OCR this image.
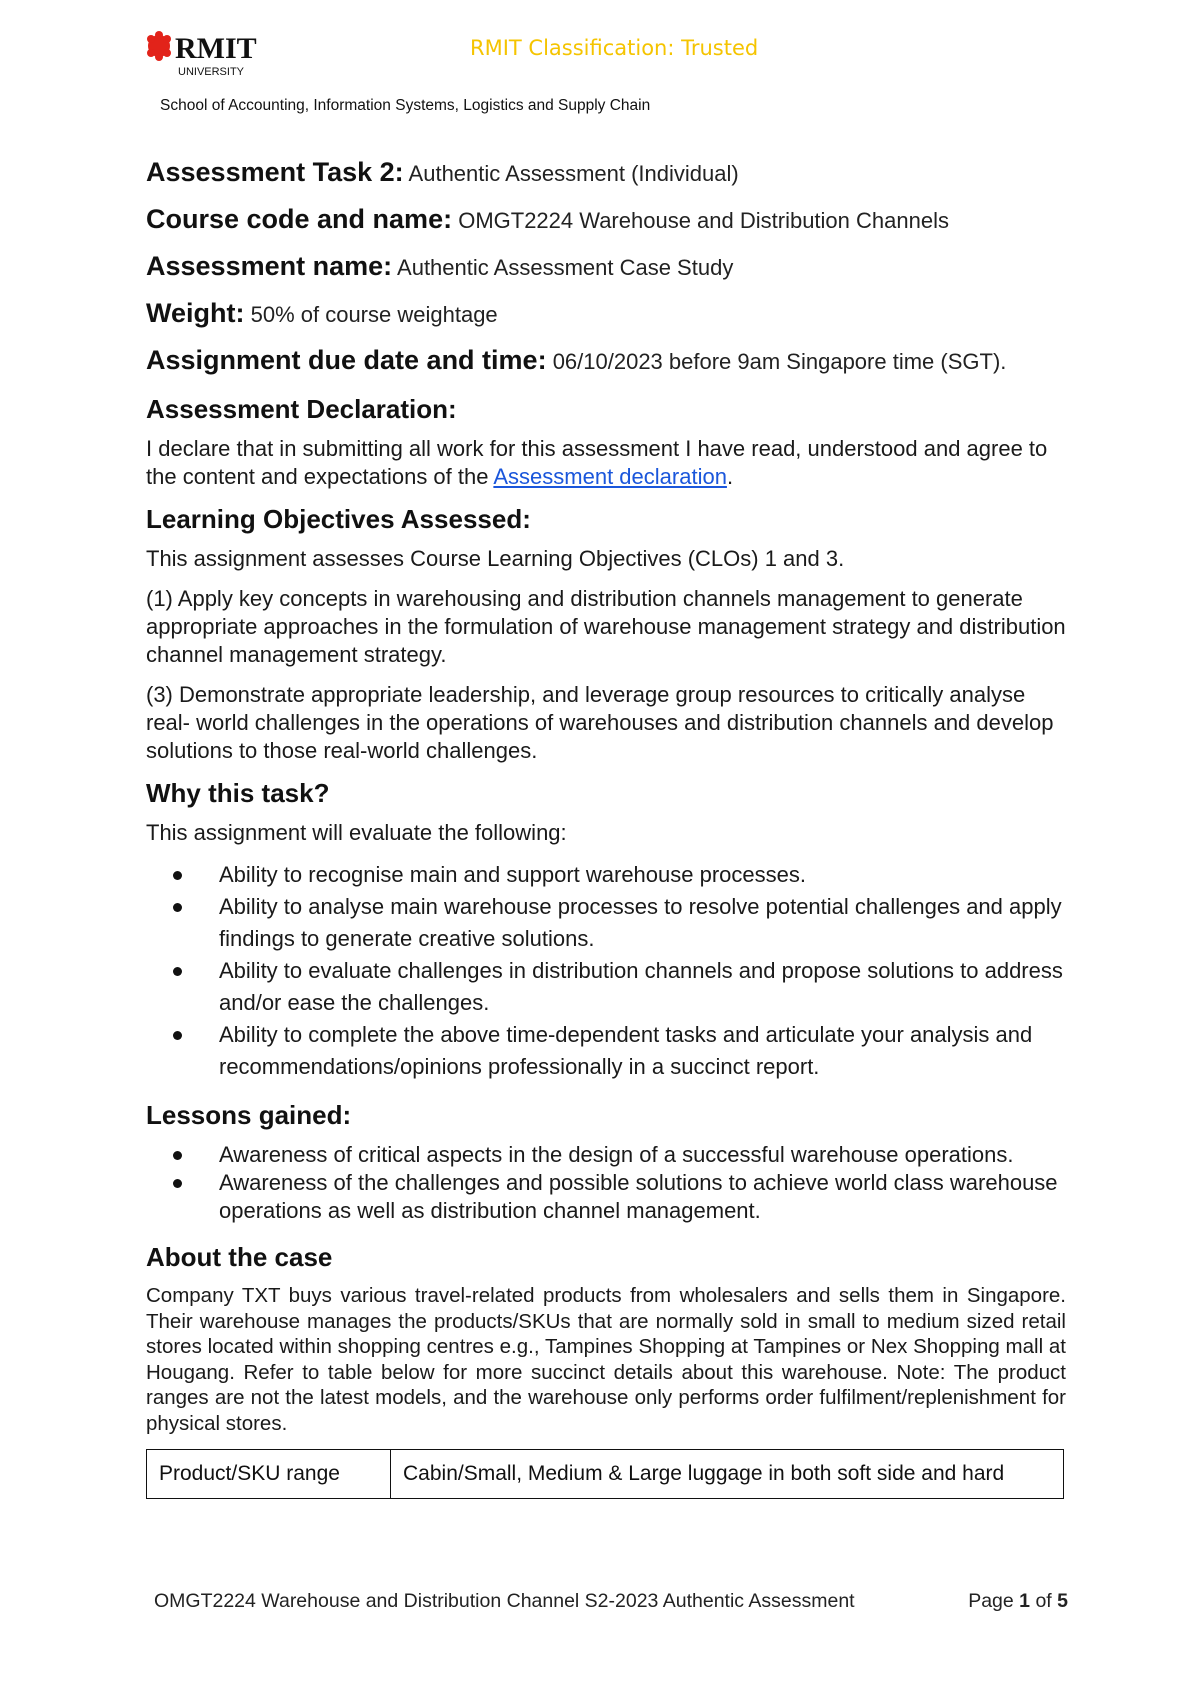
RMIT
UNIVERSITY
RMIT Classification: Trusted
School of Accounting, Information Systems, Logistics and Supply Chain
Assessment Task 2: Authentic Assessment (Individual)
Course code and name: OMGT2224 Warehouse and Distribution Channels
Assessment name: Authentic Assessment Case Study
Weight: 50% of course weightage
Assignment due date and time: 06/10/2023 before 9am Singapore time (SGT).
Assessment Declaration:

I declare that in submitting all work for this assessment I have read, understood and agree to the content and expectations of the Assessment declaration.

Learning Objectives Assessed:

This assignment assesses Course Learning Objectives (CLOs) 1 and 3.

(1) Apply key concepts in warehousing and distribution channels management to generate appropriate approaches in the formulation of warehouse management strategy and distribution channel management strategy.

(3) Demonstrate appropriate leadership, and leverage group resources to critically analyse real- world challenges in the operations of warehouses and distribution channels and develop solutions to those real-world challenges.

Why this task?

This assignment will evaluate the following:

Ability to recognise main and support warehouse processes.
Ability to analyse main warehouse processes to resolve potential challenges and apply findings to generate creative solutions.
Ability to evaluate challenges in distribution channels and propose solutions to address and/or ease the challenges.
Ability to complete the above time-dependent tasks and articulate your analysis and recommendations/opinions professionally in a succinct report.
Lessons gained:
Awareness of critical aspects in the design of a successful warehouse operations.
Awareness of the challenges and possible solutions to achieve world class warehouse operations as well as distribution channel management.
About the case

Company TXT buys various travel-related products from wholesalers and sells them in Singapore. Their warehouse manages the products/SKUs that are normally sold in small to medium sized retail stores located within shopping centres e.g., Tampines Shopping at Tampines or Nex Shopping mall at Hougang. Refer to table below for more succinct details about this warehouse. Note: The product ranges are not the latest models, and the warehouse only performs order fulfilment/replenishment for physical stores.

Product/SKU range	Cabin/Small, Medium & Large luggage in both soft side and hard
OMGT2224 Warehouse and Distribution Channel S2-2023 Authentic Assessment	Page 1 of 5
